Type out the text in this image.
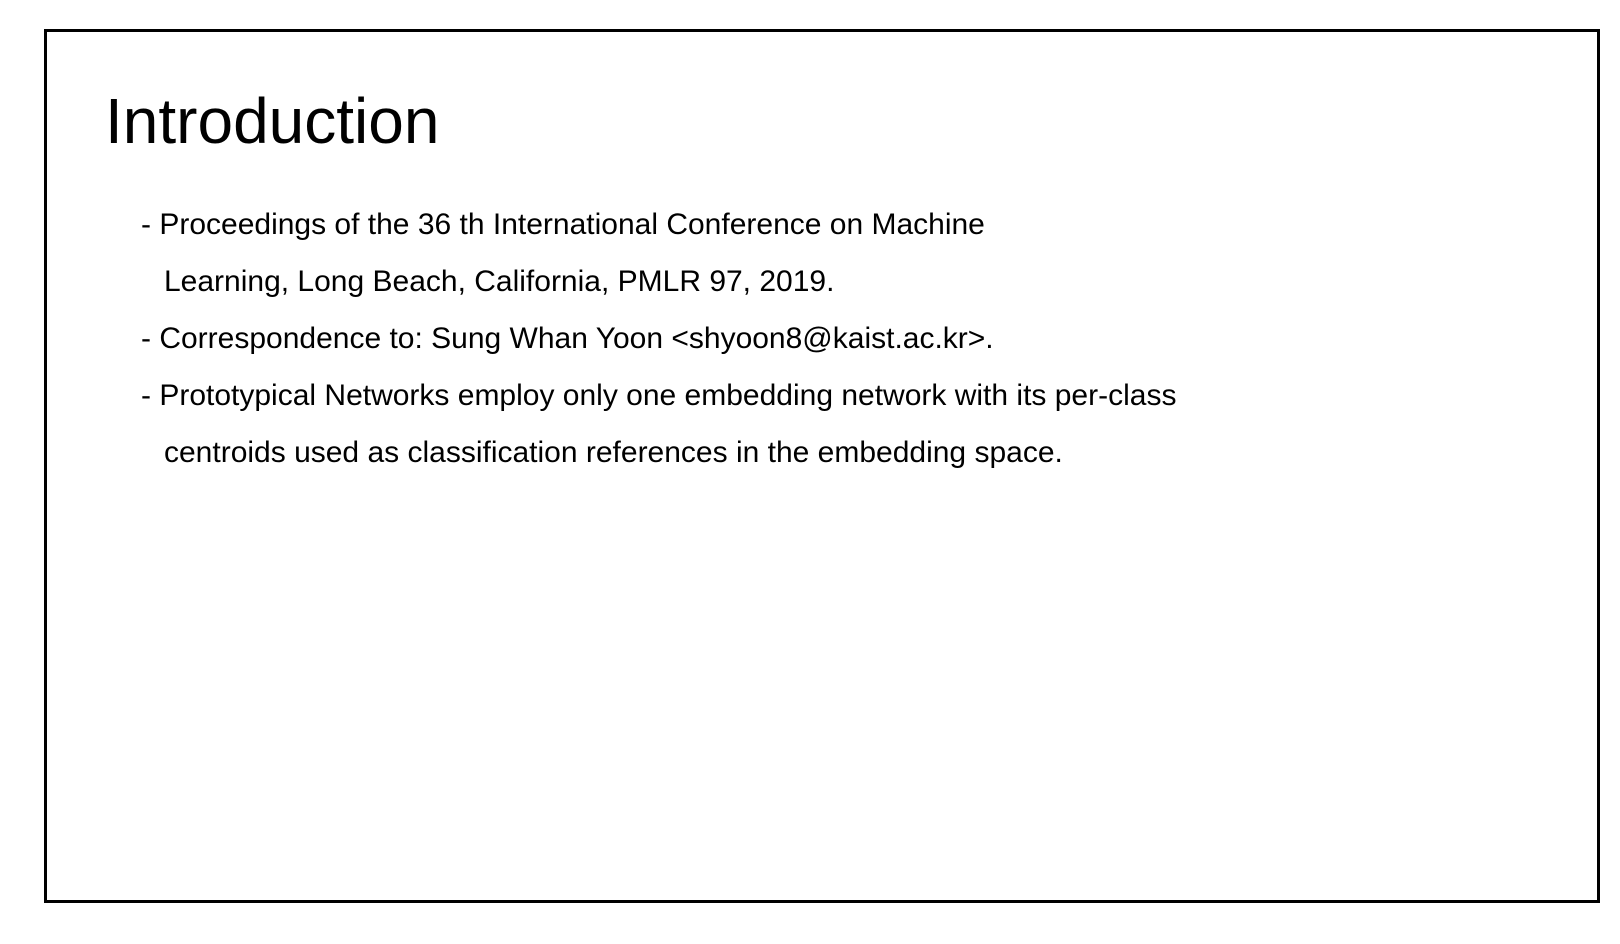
Introduction
- Proceedings of the 36 th International Conference on Machine
Learning, Long Beach, California, PMLR 97, 2019.
- Correspondence to: Sung Whan Yoon <shyoon8@kaist.ac.kr>.
- Prototypical Networks employ only one embedding network with its per-class
centroids used as classification references in the embedding space.
